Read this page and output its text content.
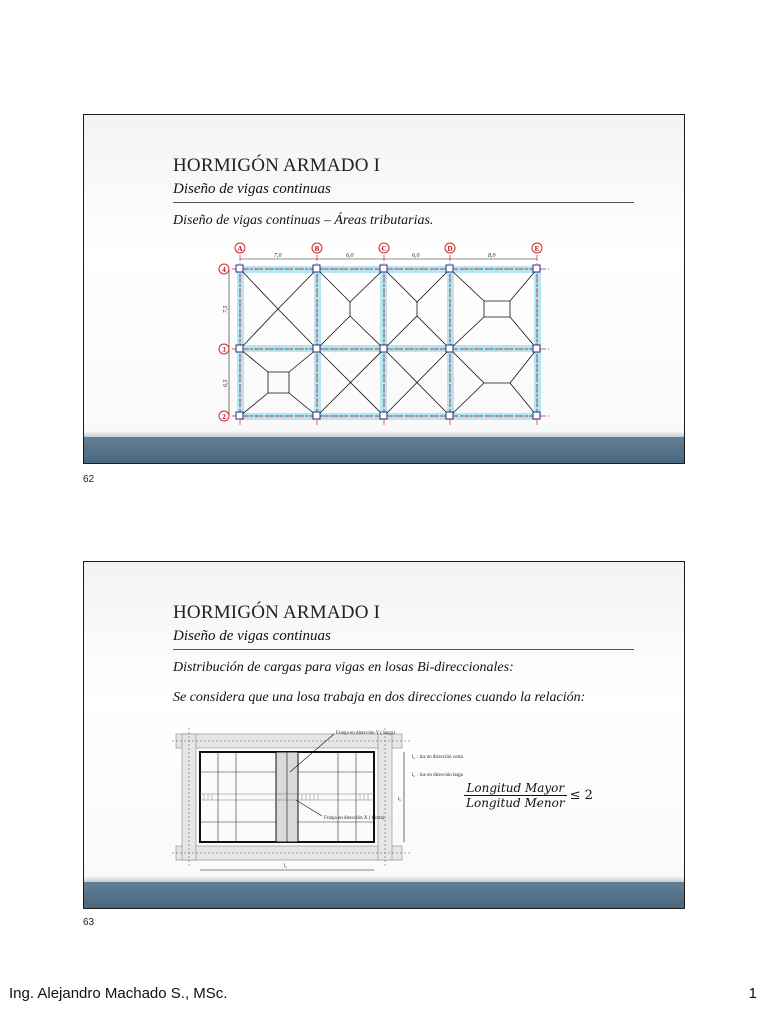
HORMIGÓN ARMADO I
Diseño de vigas continuas
Diseño de vigas continuas – Áreas tributarias.
7,0	6,0	6,0	8,0
7,5
6,5
A	B	C	D	E
4
3
2
62
HORMIGÓN ARMADO I
Diseño de vigas continuas
Distribución de cargas para vigas en losas Bi-direccionales:
Se considera que una losa trabaja en dos direcciones cuando la relación:
Franja en dirección Y ( larga)
Franja en dirección X ( Corta)
$l_a$ : luz en dirección corta
$l_b$ : luz en dirección larga
$l_b$
$l_a$
$\frac{\text{Longitud Mayor}}{\text{Longitud Menor}} \le 2$
63
Ing. Alejandro Machado S., MSc.	1
